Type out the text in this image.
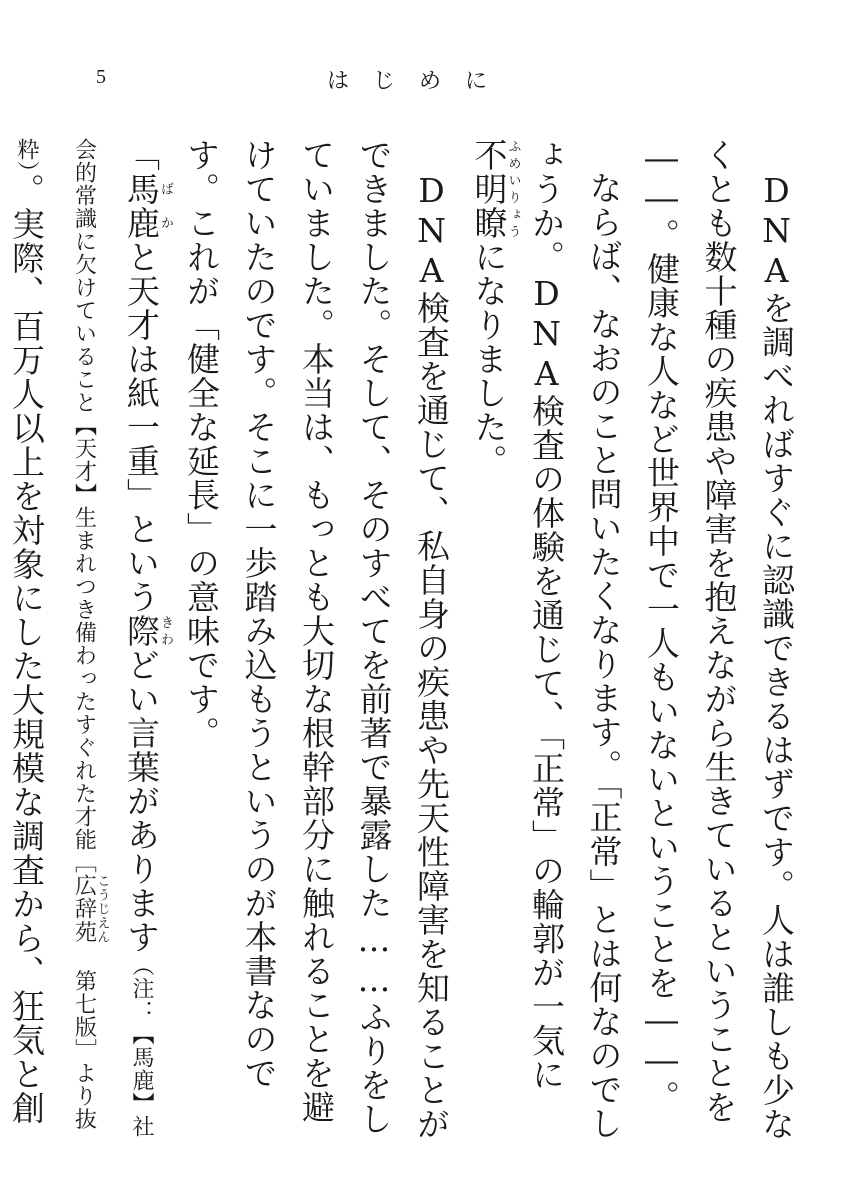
5	はじめに

DNAを調べればすぐに認識できるはずです。人は誰しも少なくとも数十種の疾患や障害を抱えながら生きているということを――。健康な人など世界中で一人もいないということを――。

ならば、なおのこと問いたくなります。「正常」とは何なのでしょうか。DNA検査の体験を通じて、「正常」の輪郭が一気に不明瞭ふめいりょうになりました。

DNA検査を通じて、私自身の疾患や先天性障害を知ることができました。そして、そのすべてを前著で暴露した……ふりをしていました。本当は、もっとも大切な根幹部分に触れることを避けていたのです。そこに一歩踏み込もうというのが本書なのです。これが「健全な延長」の意味です。

「馬鹿ばかと天才は紙一重」という際きわどい言葉があります（注：【馬鹿】社会的常識に欠けていること【天才】生まれつき備わったすぐれた才能［広辞苑こうじえん 第七版］より抜粋）。実際、百万人以上を対象にした大規模な調査から、狂気と創
